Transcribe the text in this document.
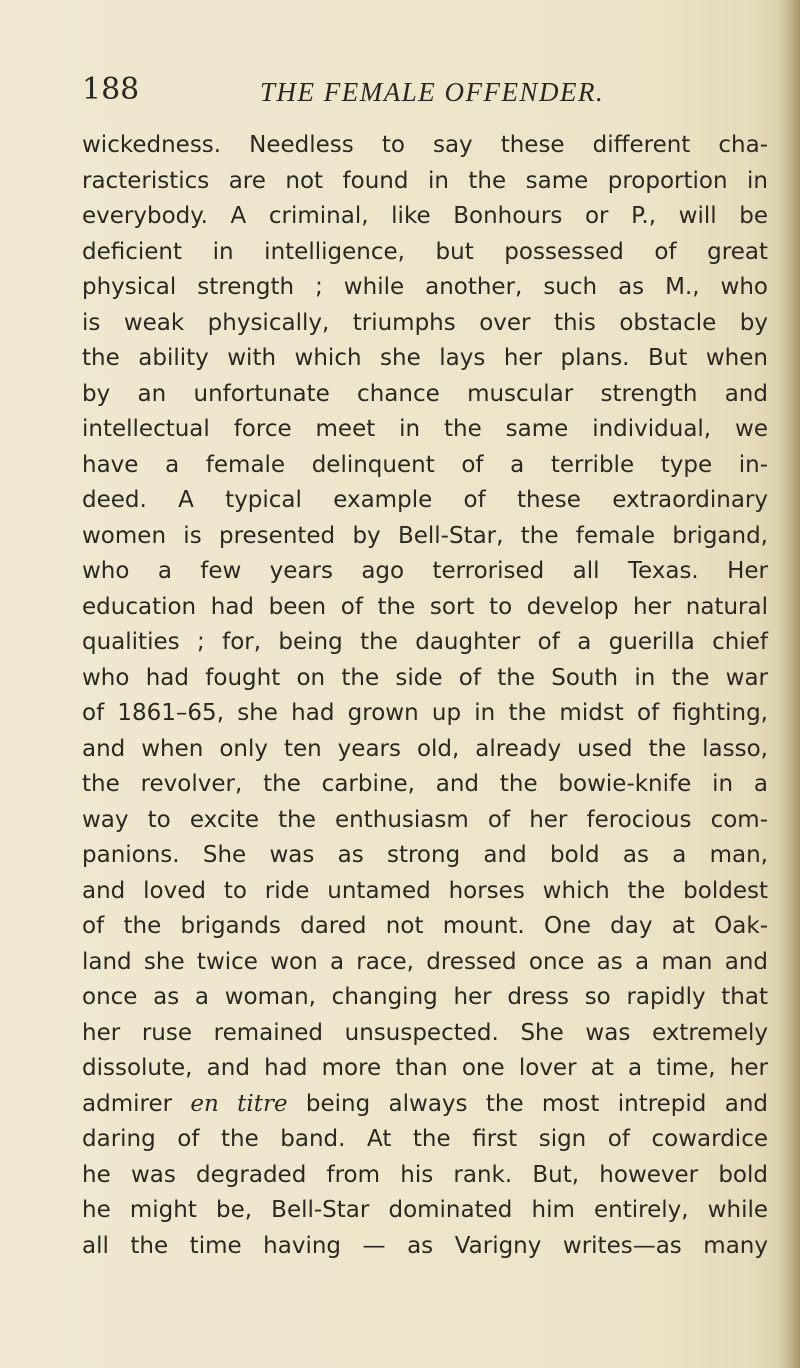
188	THE FEMALE OFFENDER.
wickedness. Needless to say these different cha-
racteristics are not found in the same proportion in
everybody. A criminal, like Bonhours or P., will be
deficient in intelligence, but possessed of great
physical strength ; while another, such as M., who
is weak physically, triumphs over this obstacle by
the ability with which she lays her plans. But when
by an unfortunate chance muscular strength and
intellectual force meet in the same individual, we
have a female delinquent of a terrible type in-
deed. A typical example of these extraordinary
women is presented by Bell-Star, the female brigand,
who a few years ago terrorised all Texas. Her
education had been of the sort to develop her natural
qualities ; for, being the daughter of a guerilla chief
who had fought on the side of the South in the war
of 1861–65, she had grown up in the midst of fighting,
and when only ten years old, already used the lasso,
the revolver, the carbine, and the bowie-knife in a
way to excite the enthusiasm of her ferocious com-
panions. She was as strong and bold as a man,
and loved to ride untamed horses which the boldest
of the brigands dared not mount. One day at Oak-
land she twice won a race, dressed once as a man and
once as a woman, changing her dress so rapidly that
her ruse remained unsuspected. She was extremely
dissolute, and had more than one lover at a time, her
admirer en titre being always the most intrepid and
daring of the band. At the first sign of cowardice
he was degraded from his rank. But, however bold
he might be, Bell-Star dominated him entirely, while
all the time having — as Varigny writes—as many
